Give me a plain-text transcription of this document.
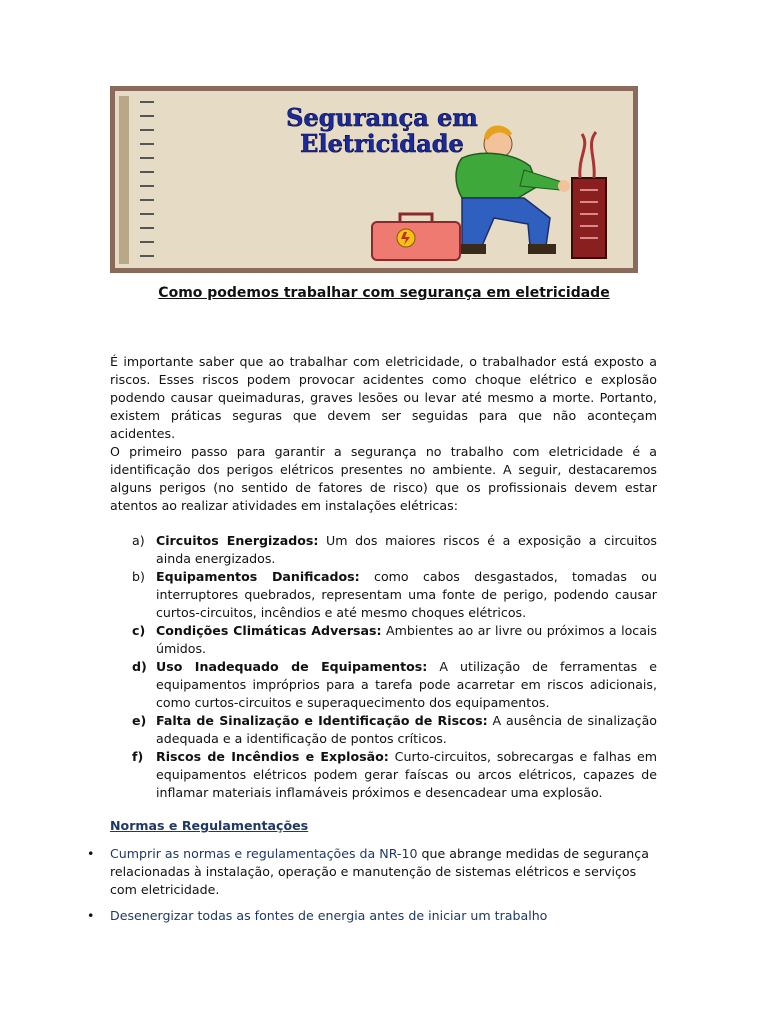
Segurança em
Eletricidade
Como podemos trabalhar com segurança em eletricidade

É importante saber que ao trabalhar com eletricidade, o trabalhador está exposto a riscos. Esses riscos podem provocar acidentes como choque elétrico e explosão podendo causar queimaduras, graves lesões ou levar até mesmo a morte. Portanto, existem práticas seguras que devem ser seguidas para que não aconteçam acidentes.

O primeiro passo para garantir a segurança no trabalho com eletricidade é a identificação dos perigos elétricos presentes no ambiente. A seguir, destacaremos alguns perigos (no sentido de fatores de risco) que os profissionais devem estar atentos ao realizar atividades em instalações elétricas:

a) Circuitos Energizados: Um dos maiores riscos é a exposição a circuitos ainda energizados.
b) Equipamentos Danificados: como cabos desgastados, tomadas ou interruptores quebrados, representam uma fonte de perigo, podendo causar curtos-circuitos, incêndios e até mesmo choques elétricos.
c) Condições Climáticas Adversas: Ambientes ao ar livre ou próximos a locais úmidos.
d) Uso Inadequado de Equipamentos: A utilização de ferramentas e equipamentos impróprios para a tarefa pode acarretar em riscos adicionais, como curtos-circuitos e superaquecimento dos equipamentos.
e) Falta de Sinalização e Identificação de Riscos: A ausência de sinalização adequada e a identificação de pontos críticos.
f) Riscos de Incêndios e Explosão: Curto-circuitos, sobrecargas e falhas em equipamentos elétricos podem gerar faíscas ou arcos elétricos, capazes de inflamar materiais inflamáveis próximos e desencadear uma explosão.
Normas e Regulamentações
• Cumprir as normas e regulamentações da NR-10 que abrange medidas de segurança relacionadas à instalação, operação e manutenção de sistemas elétricos e serviços com eletricidade.
• Desenergizar todas as fontes de energia antes de iniciar um trabalho
